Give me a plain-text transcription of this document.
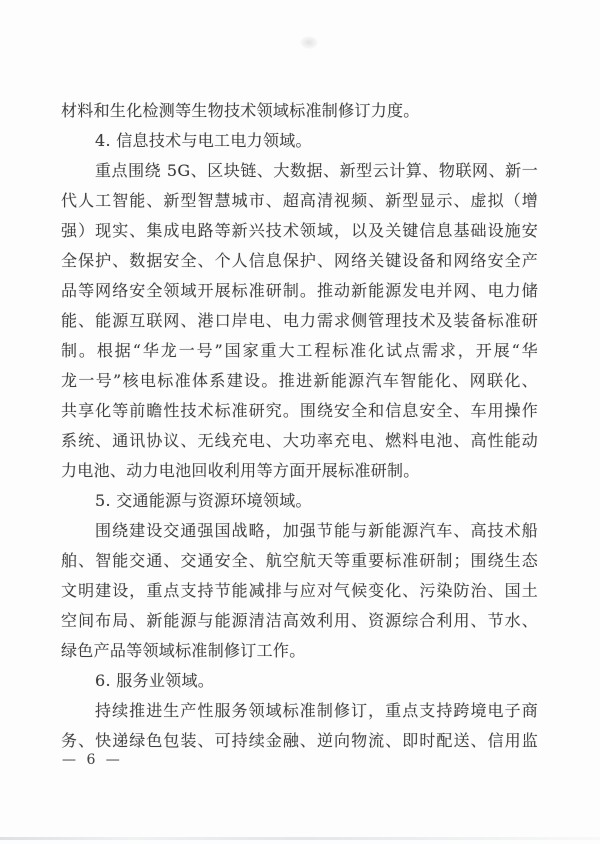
材料和生化检测等生物技术领域标准制修订力度。
4. 信息技术与电工电力领域。
重点围绕 5G、区块链、大数据、新型云计算、物联网、新一
代人工智能、新型智慧城市、超高清视频、新型显示、虚拟（增
强）现实、集成电路等新兴技术领域，以及关键信息基础设施安
全保护、数据安全、个人信息保护、网络关键设备和网络安全产
品等网络安全领域开展标准研制。推动新能源发电并网、电力储
能、能源互联网、港口岸电、电力需求侧管理技术及装备标准研
制。根据“华龙一号”国家重大工程标准化试点需求，开展“华
龙一号”核电标准体系建设。推进新能源汽车智能化、网联化、
共享化等前瞻性技术标准研究。围绕安全和信息安全、车用操作
系统、通讯协议、无线充电、大功率充电、燃料电池、高性能动
力电池、动力电池回收利用等方面开展标准研制。
5. 交通能源与资源环境领域。
围绕建设交通强国战略，加强节能与新能源汽车、高技术船
舶、智能交通、交通安全、航空航天等重要标准研制；围绕生态
文明建设，重点支持节能减排与应对气候变化、污染防治、国土
空间布局、新能源与能源清洁高效利用、资源综合利用、节水、
绿色产品等领域标准制修订工作。
6. 服务业领域。
持续推进生产性服务领域标准制修订，重点支持跨境电子商
务、快递绿色包装、可持续金融、逆向物流、即时配送、信用监
— 6 —
